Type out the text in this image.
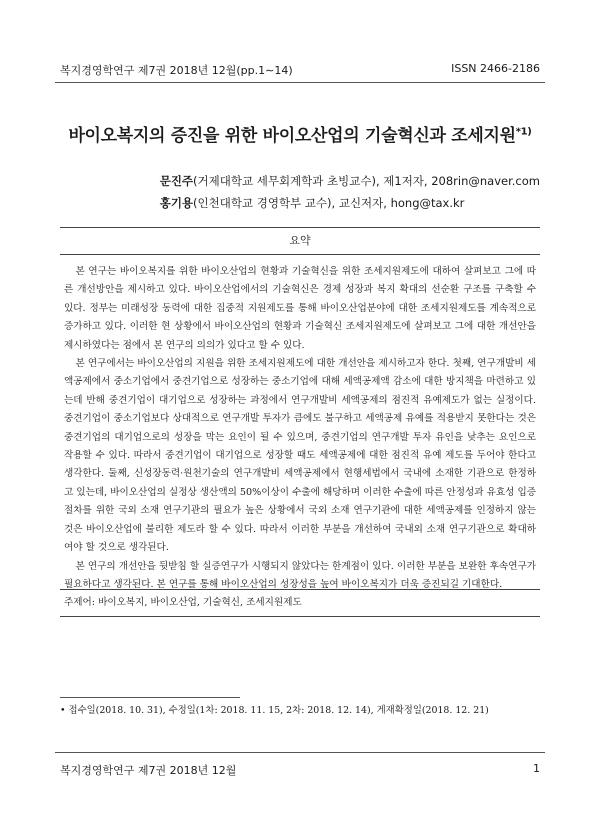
복지경영학연구 제7권 2018년 12월(pp.1∼14)	ISSN 2466-2186
바이오복지의 증진을 위한 바이오산업의 기술혁신과 조세지원$^{*1)}$
문진주(거제대학교 세무회계학과 초빙교수), 제1저자, 208rin@naver.com
홍기용(인천대학교 경영학부 교수), 교신저자, hong@tax.kr
요약

본 연구는 바이오복지를 위한 바이오산업의 현황과 기술혁신을 위한 조세지원제도에 대하여 살펴보고 그에 따른 개선방안을 제시하고 있다. 바이오산업에서의 기술혁신은 경제 성장과 복지 확대의 선순환 구조를 구축할 수 있다. 정부는 미래성장 동력에 대한 집중적 지원제도를 통해 바이오산업분야에 대한 조세지원제도를 계속적으로 증가하고 있다. 이러한 현 상황에서 바이오산업의 현황과 기술혁신 조세지원제도에 살펴보고 그에 대한 개선안을 제시하였다는 점에서 본 연구의 의의가 있다고 할 수 있다.

본 연구에서는 바이오산업의 지원을 위한 조세지원제도에 대한 개선안을 제시하고자 한다. 첫째, 연구개발비 세액공제에서 중소기업에서 중견기업으로 성장하는 중소기업에 대해 세액공제액 감소에 대한 방지책을 마련하고 있는데 반해 중견기업이 대기업으로 성장하는 과정에서 연구개발비 세액공제의 점진적 유예제도가 없는 실정이다. 중견기업이 중소기업보다 상대적으로 연구개발 투자가 큼에도 불구하고 세액공제 유예를 적용받지 못한다는 것은 중견기업의 대기업으로의 성장을 막는 요인이 될 수 있으며, 중견기업의 연구개발 투자 유인을 낮추는 요인으로 작용할 수 있다. 따라서 중견기업이 대기업으로 성장할 때도 세액공제에 대한 점진적 유예 제도를 두어야 한다고 생각한다. 둘째, 신성장동력·원천기술의 연구개발비 세액공제에서 현행세법에서 국내에 소재한 기관으로 한정하고 있는데, 바이오산업의 실정상 생산액의 50%이상이 수출에 해당하며 이러한 수출에 따른 안정성과 유효성 입증 절차를 위한 국외 소재 연구기관의 필요가 높은 상황에서 국외 소재 연구기관에 대한 세액공제를 인정하지 않는 것은 바이오산업에 불리한 제도라 할 수 있다. 따라서 이러한 부분을 개선하여 국내외 소재 연구기관으로 확대하여야 할 것으로 생각된다.

본 연구의 개선안을 뒷받침 할 실증연구가 시행되지 않았다는 한계점이 있다. 이러한 부분을 보완한 후속연구가 필요하다고 생각된다. 본 연구를 통해 바이오산업의 성장성을 높여 바이오복지가 더욱 증진되길 기대한다.

주제어: 바이오복지, 바이오산업, 기술혁신, 조세지원제도
• 접수일(2018. 10. 31), 수정일(1차: 2018. 11. 15, 2차: 2018. 12. 14), 게재확정일(2018. 12. 21)
복지경영학연구 제7권 2018년 12월	1
